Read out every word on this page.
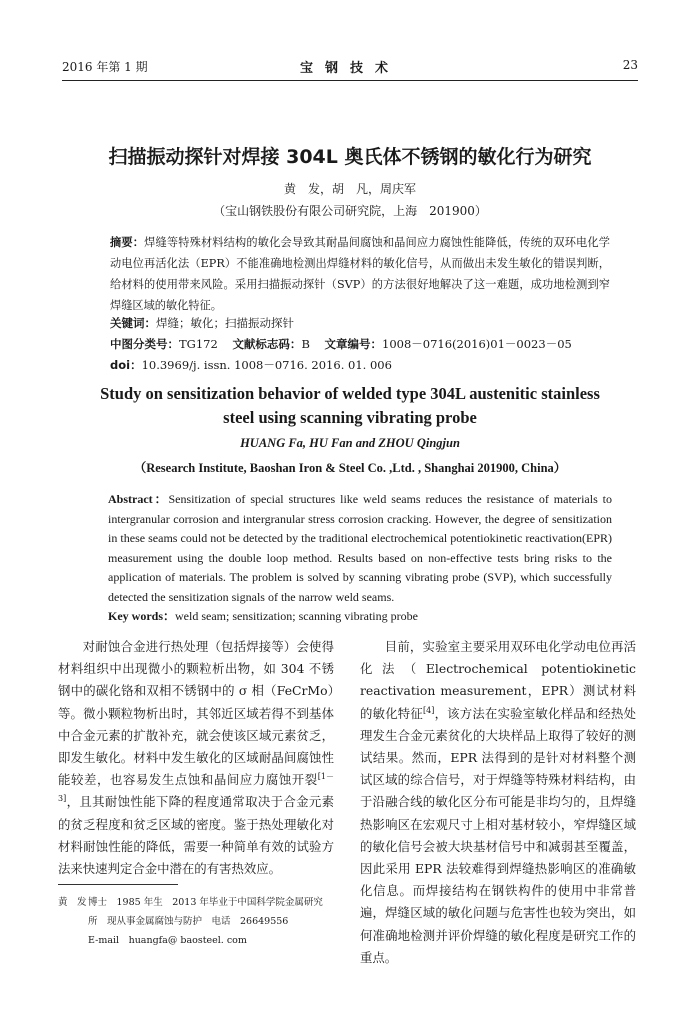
2016 年第 1 期	宝钢技术	23
扫描振动探针对焊接 304L 奥氏体不锈钢的敏化行为研究
黄　发，胡　凡，周庆军
（宝山钢铁股份有限公司研究院，上海　201900）
摘要：焊缝等特殊材料结构的敏化会导致其耐晶间腐蚀和晶间应力腐蚀性能降低，传统的双环电化学动电位再活化法（EPR）不能准确地检测出焊缝材料的敏化信号，从而做出未发生敏化的错误判断，给材料的使用带来风险。采用扫描振动探针（SVP）的方法很好地解决了这一难题，成功地检测到窄焊缝区域的敏化特征。
关键词：焊缝；敏化；扫描振动探针
中图分类号：TG172 文献标志码：B 文章编号：1008－0716(2016)01－0023－05
doi：10.3969/j. issn. 1008－0716. 2016. 01. 006
Study on sensitization behavior of welded type 304L austenitic stainless
steel using scanning vibrating probe
HUANG Fa, HU Fan and ZHOU Qingjun
（Research Institute, Baoshan Iron & Steel Co. ,Ltd. , Shanghai 201900, China）
Abstract：Sensitization of special structures like weld seams reduces the resistance of materials to intergranular corrosion and intergranular stress corrosion cracking. However, the degree of sensitization in these seams could not be detected by the traditional electrochemical potentiokinetic reactivation(EPR) measurement using the double loop method. Results based on non-effective tests bring risks to the application of materials. The problem is solved by scanning vibrating probe (SVP), which successfully detected the sensitization signals of the narrow weld seams.
Key words：weld seam; sensitization; scanning vibrating probe

对耐蚀合金进行热处理（包括焊接等）会使得材料组织中出现微小的颗粒析出物，如 304 不锈钢中的碳化铬和双相不锈钢中的 σ 相（FeCrMo）等。微小颗粒物析出时，其邻近区域若得不到基体中合金元素的扩散补充，就会使该区域元素贫乏，即发生敏化。材料中发生敏化的区域耐晶间腐蚀性能较差，也容易发生点蚀和晶间应力腐蚀开裂[1－3]，且其耐蚀性能下降的程度通常取决于合金元素的贫乏程度和贫乏区域的密度。鉴于热处理敏化对材料耐蚀性能的降低，需要一种简单有效的试验方法来快速判定合金中潜在的有害热效应。

目前，实验室主要采用双环电化学动电位再活化法（Electrochemical potentiokinetic reactivation measurement，EPR）测试材料的敏化特征[4]，该方法在实验室敏化样品和经热处理发生合金元素贫化的大块样品上取得了较好的测试结果。然而，EPR 法得到的是针对材料整个测试区域的综合信号，对于焊缝等特殊材料结构，由于沿融合线的敏化区分布可能是非均匀的，且焊缝热影响区在宏观尺寸上相对基材较小，窄焊缝区域的敏化信号会被大块基材信号中和减弱甚至覆盖，因此采用 EPR 法较难得到焊缝热影响区的准确敏化信息。而焊接结构在钢铁构件的使用中非常普遍，焊缝区域的敏化问题与危害性也较为突出，如何准确地检测并评价焊缝的敏化程度是研究工作的重点。

黄　发博士　1985 年生　2013 年毕业于中国科学院金属研究
所　现从事金属腐蚀与防护　电话　26649556
E-mail　huangfa@ baosteel. com
